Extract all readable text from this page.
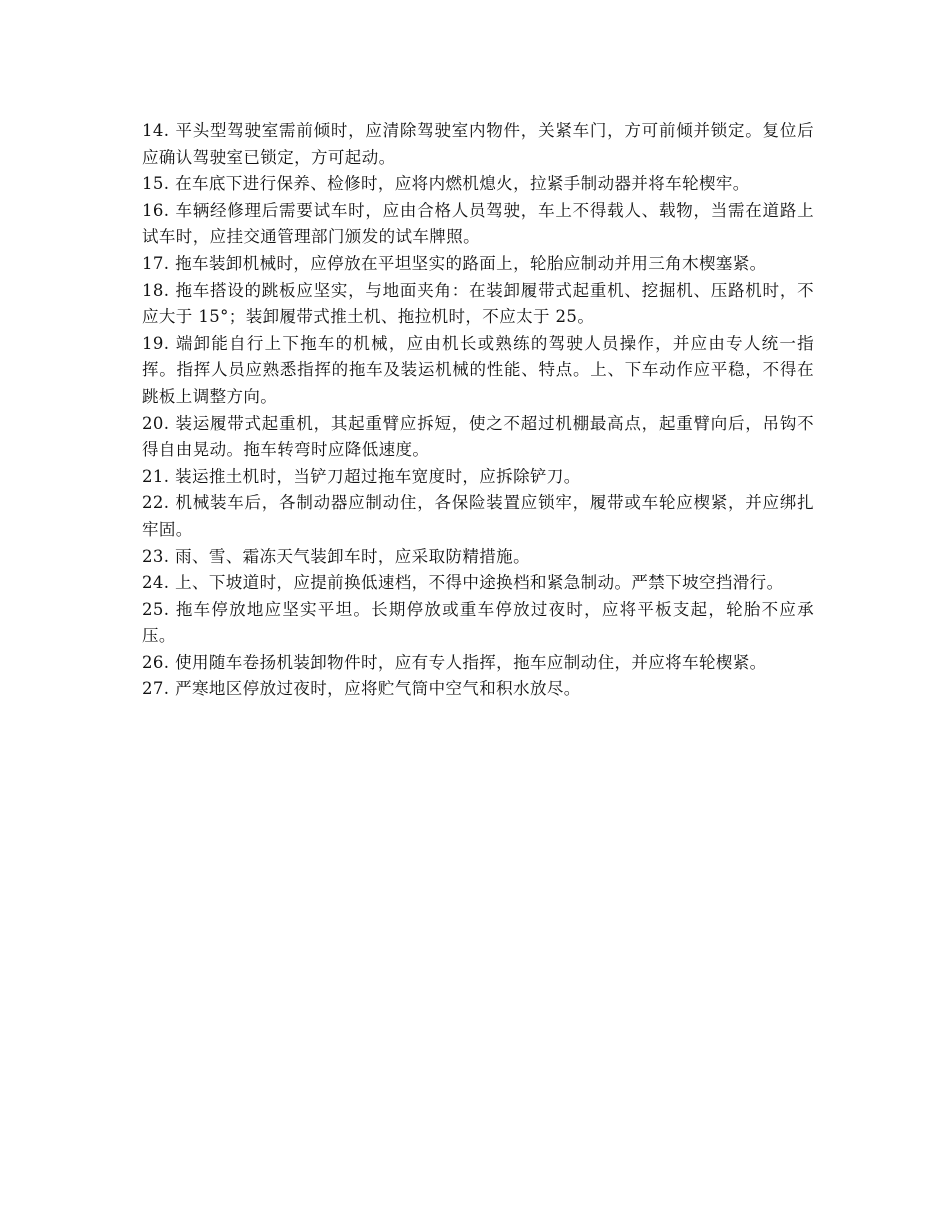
14. 平头型驾驶室需前倾时，应清除驾驶室内物件，关紧车门，方可前倾并锁定。复位后应确认驾驶室已锁定，方可起动。

15. 在车底下进行保养、检修时，应将内燃机熄火，拉紧手制动器并将车轮楔牢。

16. 车辆经修理后需要试车时，应由合格人员驾驶，车上不得载人、载物，当需在道路上试车时，应挂交通管理部门颁发的试车牌照。

17. 拖车装卸机械时，应停放在平坦坚实的路面上，轮胎应制动并用三角木楔塞紧。

18. 拖车搭设的跳板应坚实，与地面夹角：在装卸履带式起重机、挖掘机、压路机时，不应大于 15°；装卸履带式推土机、拖拉机时，不应太于 25。

19. 端卸能自行上下拖车的机械，应由机长或熟练的驾驶人员操作，并应由专人统一指挥。指挥人员应熟悉指挥的拖车及装运机械的性能、特点。上、下车动作应平稳，不得在跳板上调整方向。

20. 装运履带式起重机，其起重臂应拆短，使之不超过机棚最高点，起重臂向后，吊钩不得自由晃动。拖车转弯时应降低速度。

21. 装运推土机时，当铲刀超过拖车宽度时，应拆除铲刀。

22. 机械装车后，各制动器应制动住，各保险装置应锁牢，履带或车轮应楔紧，并应绑扎牢固。

23. 雨、雪、霜冻天气装卸车时，应采取防精措施。

24. 上、下坡道时，应提前换低速档，不得中途换档和紧急制动。严禁下坡空挡滑行。

25. 拖车停放地应坚实平坦。长期停放或重车停放过夜时，应将平板支起，轮胎不应承压。

26. 使用随车卷扬机装卸物件时，应有专人指挥，拖车应制动住，并应将车轮楔紧。

27. 严寒地区停放过夜时，应将贮气筒中空气和积水放尽。
